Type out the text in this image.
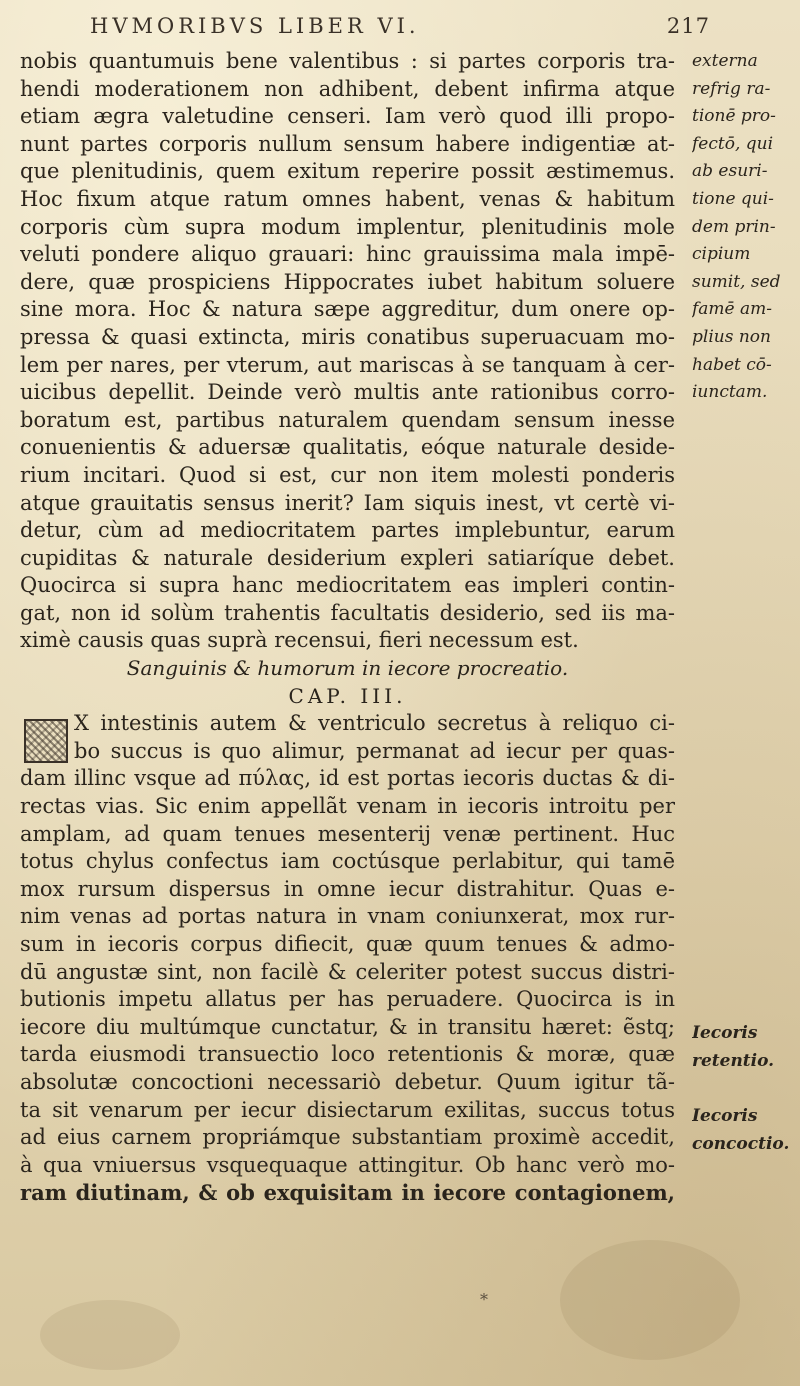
HVMORIBVS LIBER VI.	217
nobis quantumuis bene valentibus : si partes corporis tra-
hendi moderationem non adhibent, debent infirma atque
etiam ægra valetudine censeri. Iam verò quod illi propo-
nunt partes corporis nullum sensum habere indigentiæ at-
que plenitudinis, quem exitum reperire possit æstimemus.
Hoc fixum atque ratum omnes habent, venas & habitum
corporis cùm supra modum implentur, plenitudinis mole
veluti pondere aliquo grauari: hinc grauissima mala impē-
dere, quæ prospiciens Hippocrates iubet habitum soluere
sine mora. Hoc & natura sæpe aggreditur, dum onere op-
pressa & quasi extincta, miris conatibus superuacuam mo-
lem per nares, per vterum, aut mariscas à se tanquam à cer-
uicibus depellit. Deinde verò multis ante rationibus corro-
boratum est, partibus naturalem quendam sensum inesse
conuenientis & aduersæ qualitatis, eóque naturale deside-
rium incitari. Quod si est, cur non item molesti ponderis
atque grauitatis sensus inerit? Iam siquis inest, vt certè vi-
detur, cùm ad mediocritatem partes implebuntur, earum
cupiditas & naturale desiderium expleri satiaríque debet.
Quocirca si supra hanc mediocritatem eas impleri contin-
gat, non id solùm trahentis facultatis desiderio, sed iis ma-
ximè causis quas suprà recensui, fieri necessum est.
Sanguinis & humorum in iecore procreatio.
CAP. III.
X intestinis autem & ventriculo secretus à reliquo ci-
bo succus is quo alimur, permanat ad iecur per quas-
dam illinc vsque ad πύλας, id est portas iecoris ductas & di-
rectas vias. Sic enim appellãt venam in iecoris introitu per
amplam, ad quam tenues mesenterij venæ pertinent. Huc
totus chylus confectus iam coctúsque perlabitur, qui tamē
mox rursum dispersus in omne iecur distrahitur. Quas e-
nim venas ad portas natura in vnam coniunxerat, mox rur-
sum in iecoris corpus difiecit, quæ quum tenues & admo-
dū angustæ sint, non facilè & celeriter potest succus distri-
butionis impetu allatus per has peruadere. Quocirca is in
iecore diu multúmque cunctatur, & in transitu hæret: ẽstq;
tarda eiusmodi transuectio loco retentionis & moræ, quæ
absolutæ concoctioni necessariò debetur. Quum igitur tã-
ta sit venarum per iecur disiectarum exilitas, succus totus
ad eius carnem propriámque substantiam proximè accedit,
à qua vniuersus vsquequaque attingitur. Ob hanc verò mo-
ram diutinam, & ob exquisitam in iecore contagionem,
externa
refrig ra-
tionē pro-
fectō, qui
ab esuri-
tione qui-
dem prin-
cipium
sumit, sed
famē am-
plius non
habet cō-
iunctam.
Iecoris
retentio.
Iecoris
concoctio.
*
